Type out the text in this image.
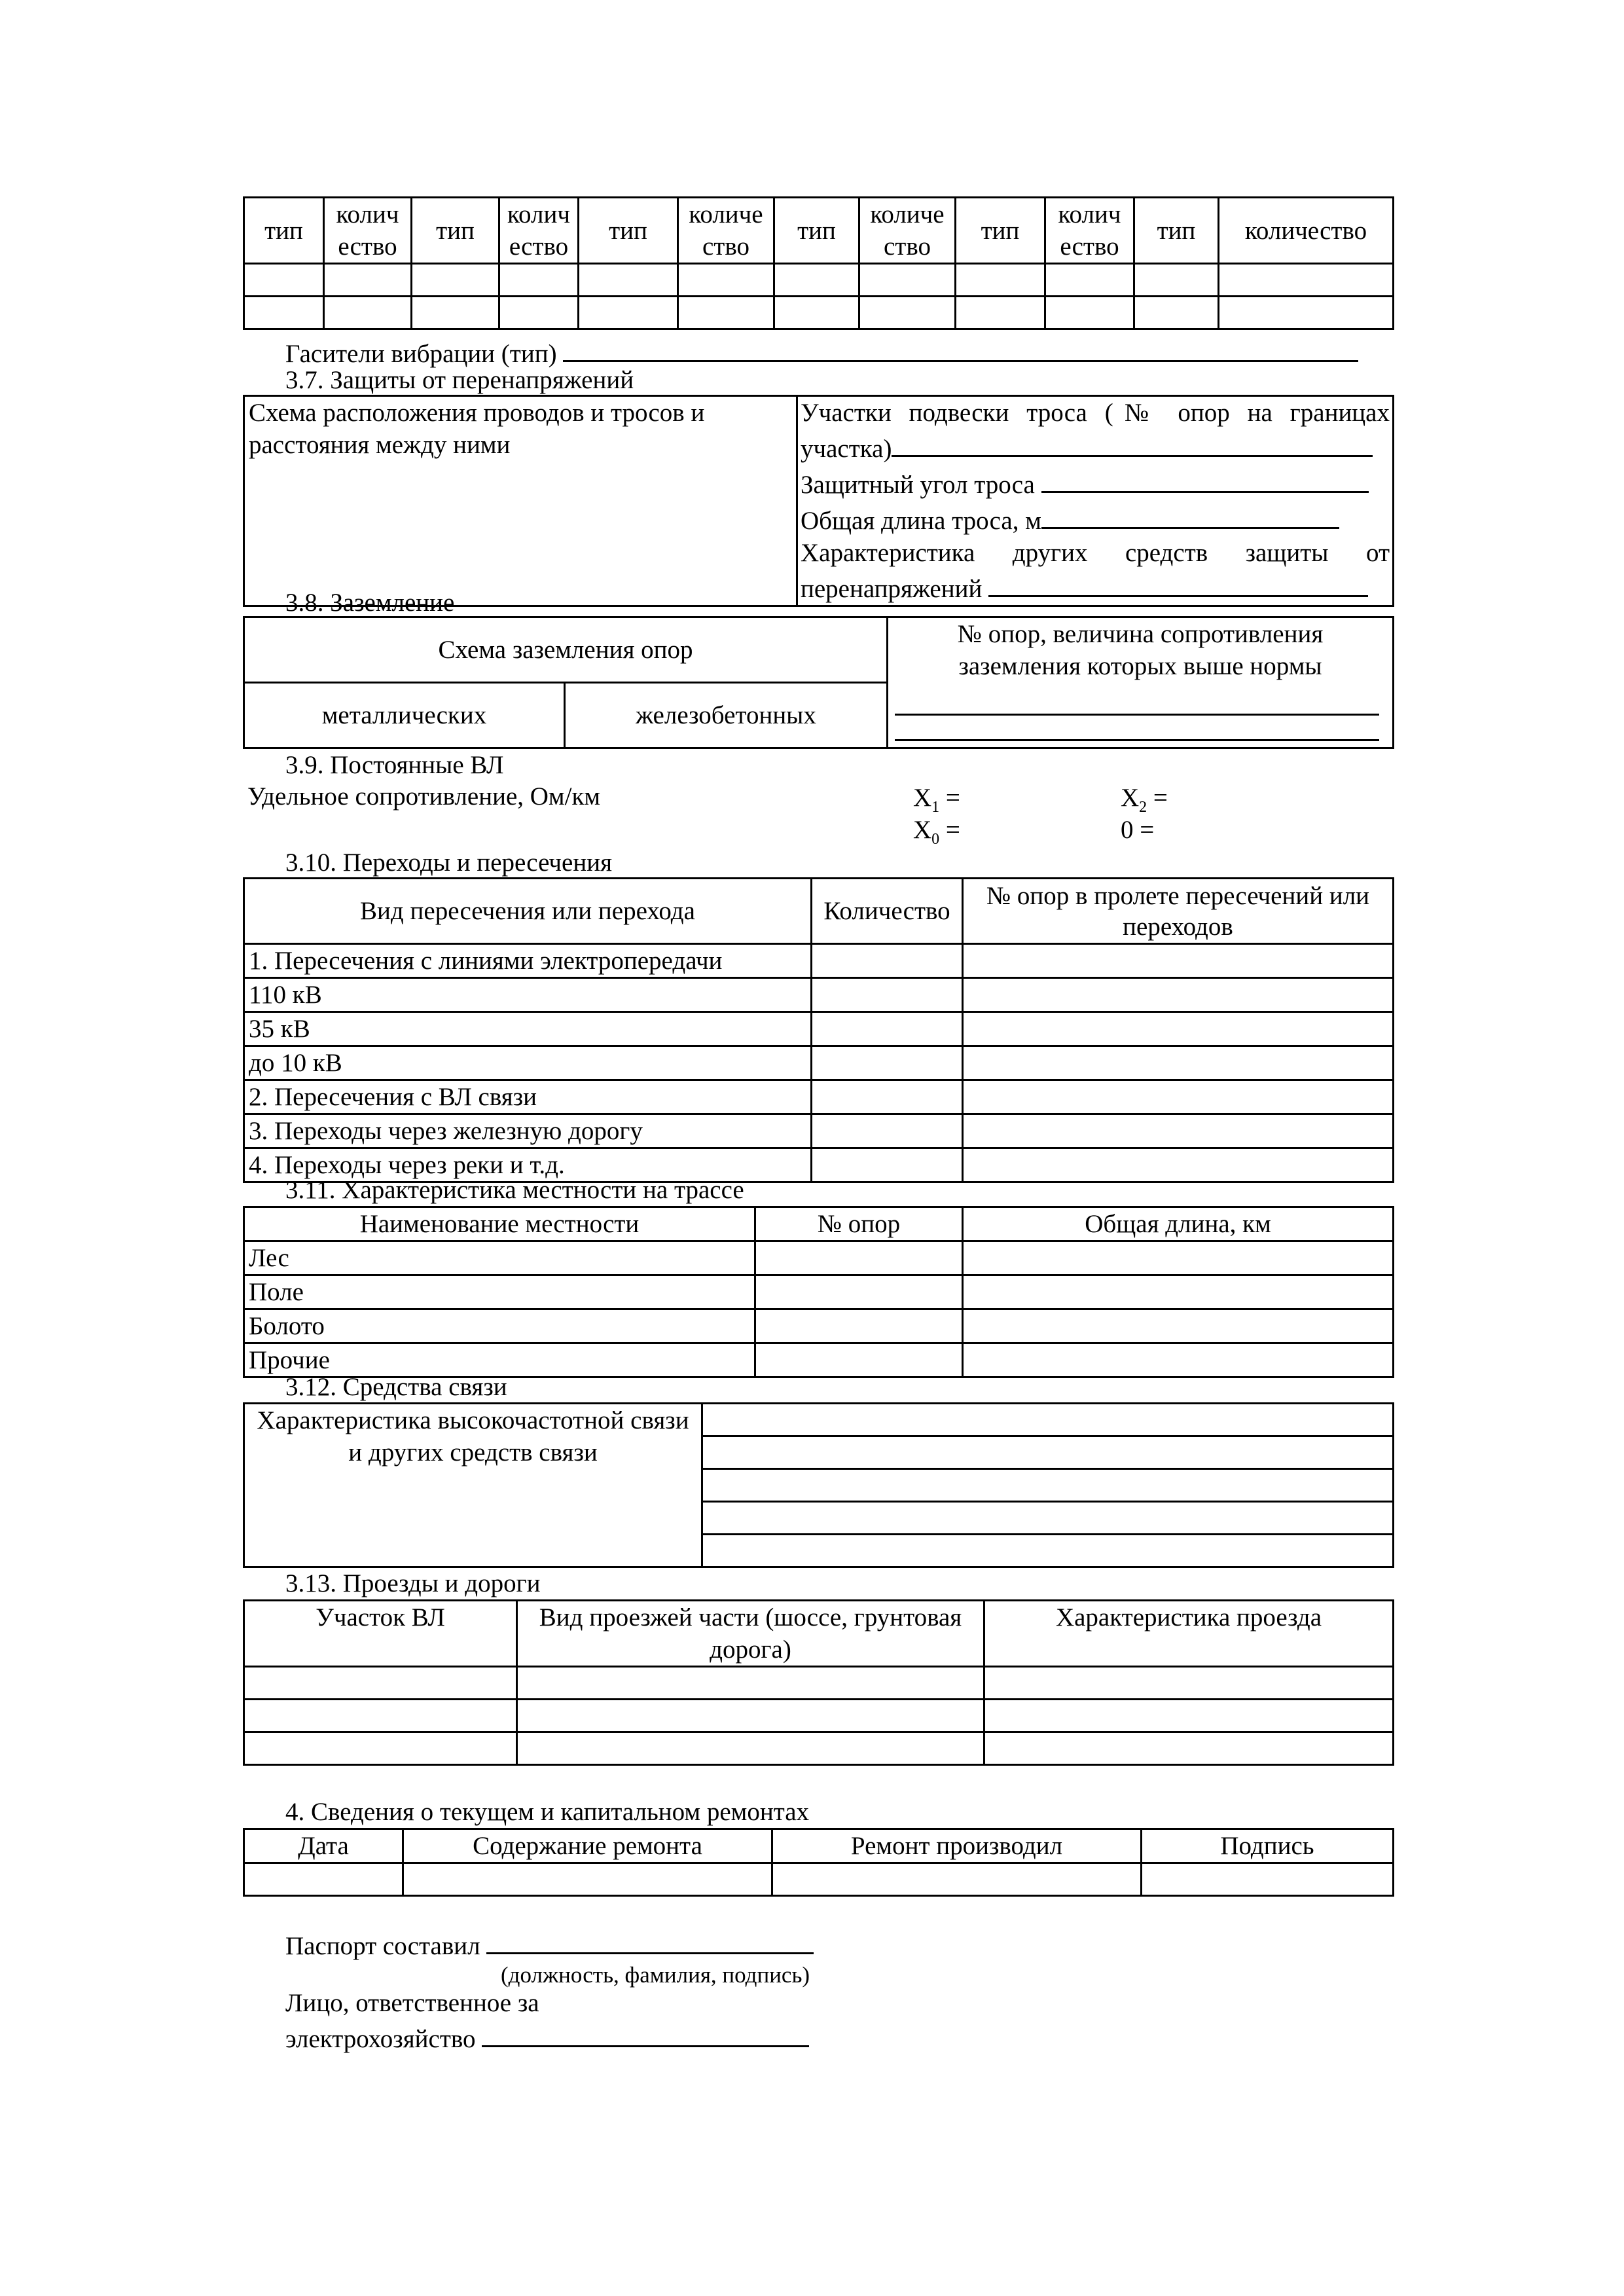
тип	колич ество	тип	колич ество	тип	количе ство	тип	количе ство	тип	колич ество	тип	количество

Гасители вибрации (тип)
3.7. Защиты от перенапряжений
Схема расположения проводов и тросов и расстояния между ними	
Участки подвески троса (№ опор на границах
участка)
Защитный угол троса
Общая длина троса, м
Характеристика других средств защиты от
перенапряжений
3.8. Заземление
Схема заземления опор		№ опор, величина сопротивления заземления которых выше нормы

металлических	железобетонных	
3.9. Постоянные ВЛ
Удельное сопротивление, Ом/км	$X_1$ =	$X_2$ =
$X_0$ =	0 =
3.10. Переходы и пересечения
Вид пересечения или перехода	Количество	№ опор в пролете пересечений или переходов
1. Пересечения с линиями электропередачи		
110 кВ		
35 кВ		
до 10 кВ		
2. Пересечения с ВЛ связи		
3. Переходы через железную дорогу		
4. Переходы через реки и т.д.		
3.11. Характеристика местности на трассе
Наименование местности	№ опор	Общая длина, км
Лес		
Поле		
Болото		
Прочие		
3.12. Средства связи
Характеристика высокочастотной связи и других средств связи	

3.13. Проезды и дороги
Участок ВЛ	Вид проезжей части (шоссе, грунтовая дорога)	Характеристика проезда

4. Сведения о текущем и капитальном ремонтах
Дата	Содержание ремонта	Ремонт производил	Подпись

Паспорт составил
(должность, фамилия, подпись)
Лицо, ответственное за
электрохозяйство
